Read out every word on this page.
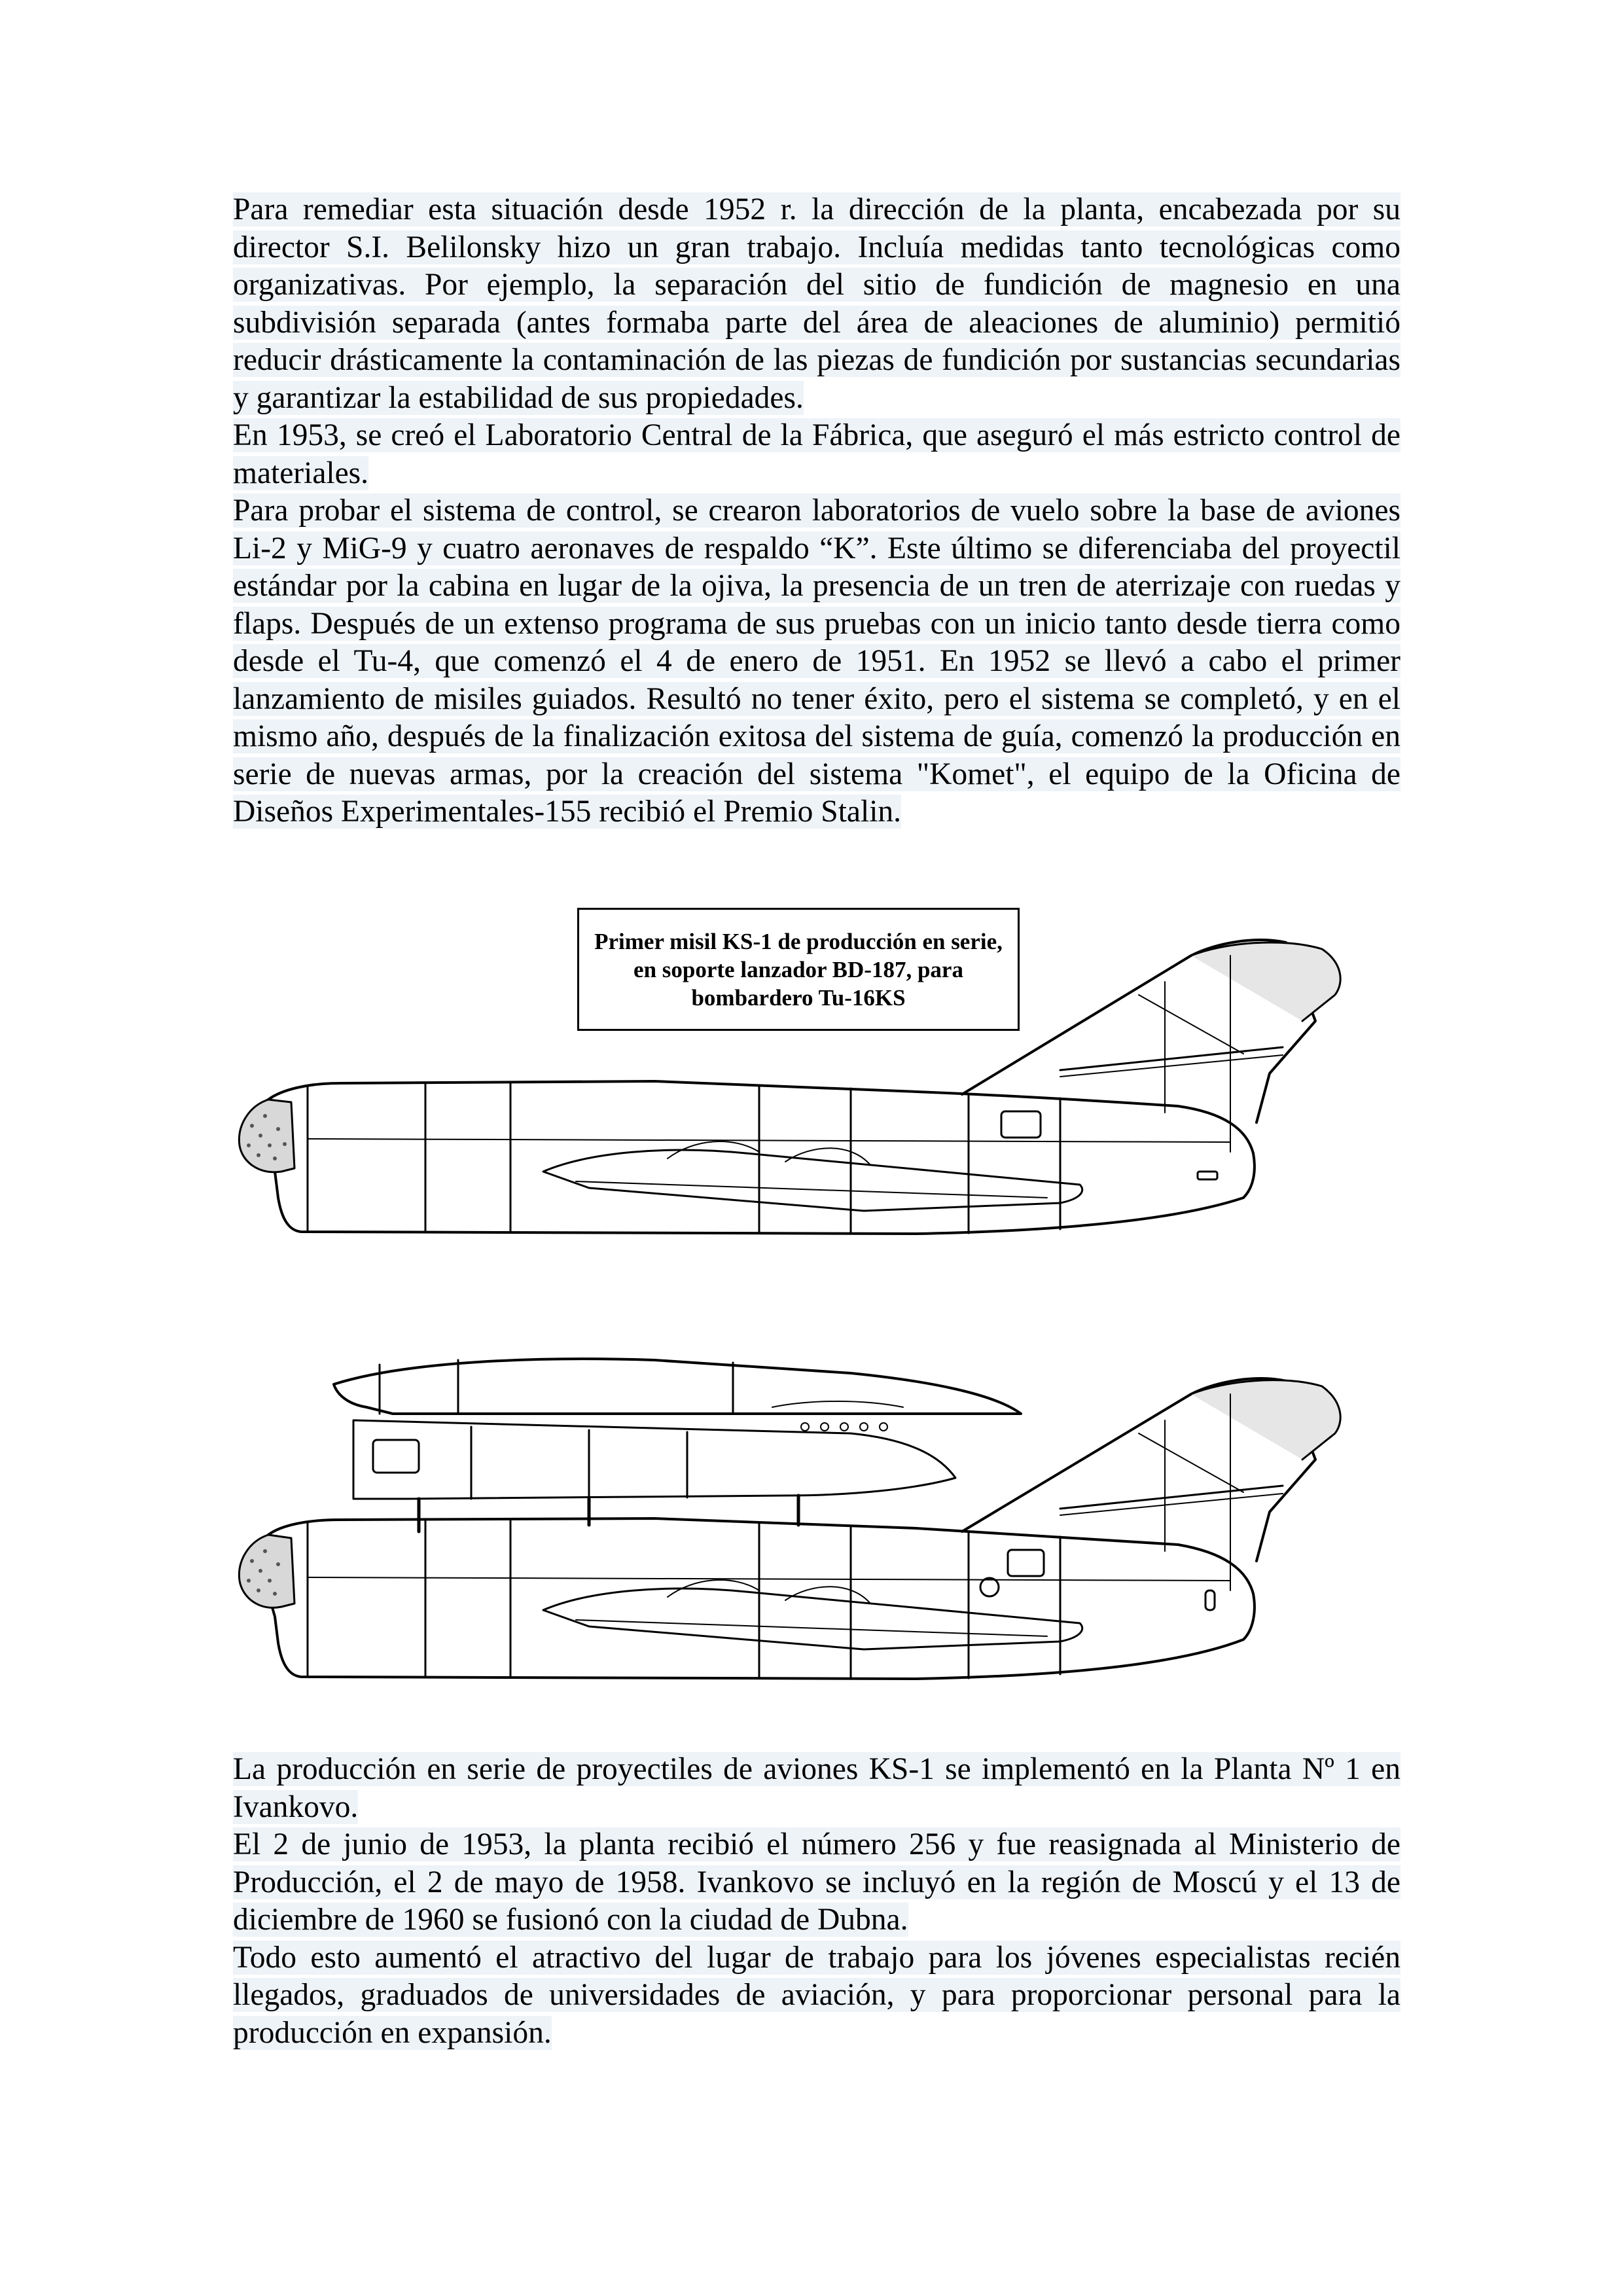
Para remediar esta situación desde 1952 r. la dirección de la planta, encabezada por su director S.I. Belilonsky hizo un gran trabajo. Incluía medidas tanto tecnológicas como organizativas. Por ejemplo, la separación del sitio de fundición de magnesio en una subdivisión separada (antes formaba parte del área de aleaciones de aluminio) permitió reducir drásticamente la contaminación de las piezas de fundición por sustancias secundarias y garantizar la estabilidad de sus propiedades.

En 1953, se creó el Laboratorio Central de la Fábrica, que aseguró el más estricto control de materiales.

Para probar el sistema de control, se crearon laboratorios de vuelo sobre la base de aviones Li-2 y MiG-9 y cuatro aeronaves de respaldo “K”. Este último se diferenciaba del proyectil estándar por la cabina en lugar de la ojiva, la presencia de un tren de aterrizaje con ruedas y flaps. Después de un extenso programa de sus pruebas con un inicio tanto desde tierra como desde el Tu-4, que comenzó el 4 de enero de 1951. En 1952 se llevó a cabo el primer lanzamiento de misiles guiados. Resultó no tener éxito, pero el sistema se completó, y en el mismo año, después de la finalización exitosa del sistema de guía, comenzó la producción en serie de nuevas armas, por la creación del sistema "Komet", el equipo de la Oficina de Diseños Experimentales-155 recibió el Premio Stalin.

Primer misil KS-1 de producción en serie, en soporte lanzador BD-187, para bombardero Tu-16KS

La producción en serie de proyectiles de aviones KS-1 se implementó en la Planta Nº 1 en Ivankovo.

El 2 de junio de 1953, la planta recibió el número 256 y fue reasignada al Ministerio de Producción, el 2 de mayo de 1958. Ivankovo se incluyó en la región de Moscú y el 13 de diciembre de 1960 se fusionó con la ciudad de Dubna.

Todo esto aumentó el atractivo del lugar de trabajo para los jóvenes especialistas recién llegados, graduados de universidades de aviación, y para proporcionar personal para la producción en expansión.
